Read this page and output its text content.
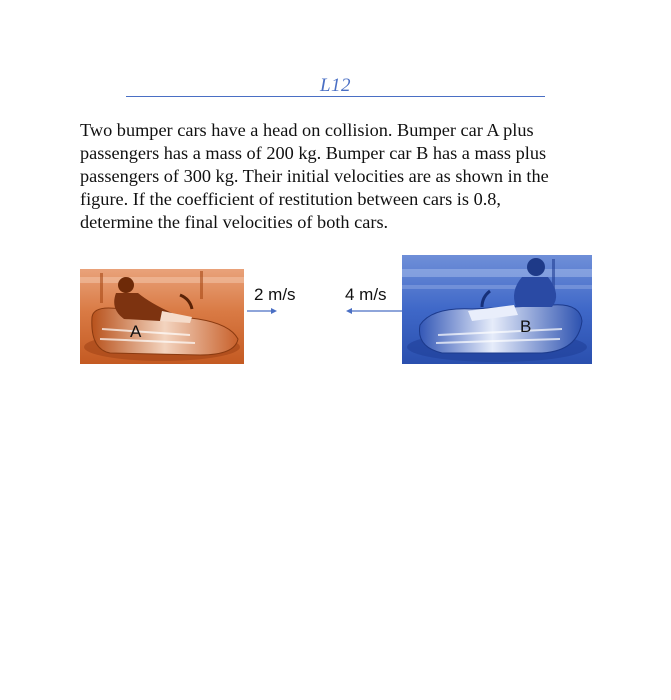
L12
Two bumper cars have a head on collision. Bumper car A plus
passengers has a mass of 200 kg. Bumper car B has a mass plus
passengers of 300 kg. Their initial velocities are as shown in the
figure. If the coefficient of restitution between cars is 0.8,
determine the final velocities of both cars.
A
2 m/s	4 m/s
B
